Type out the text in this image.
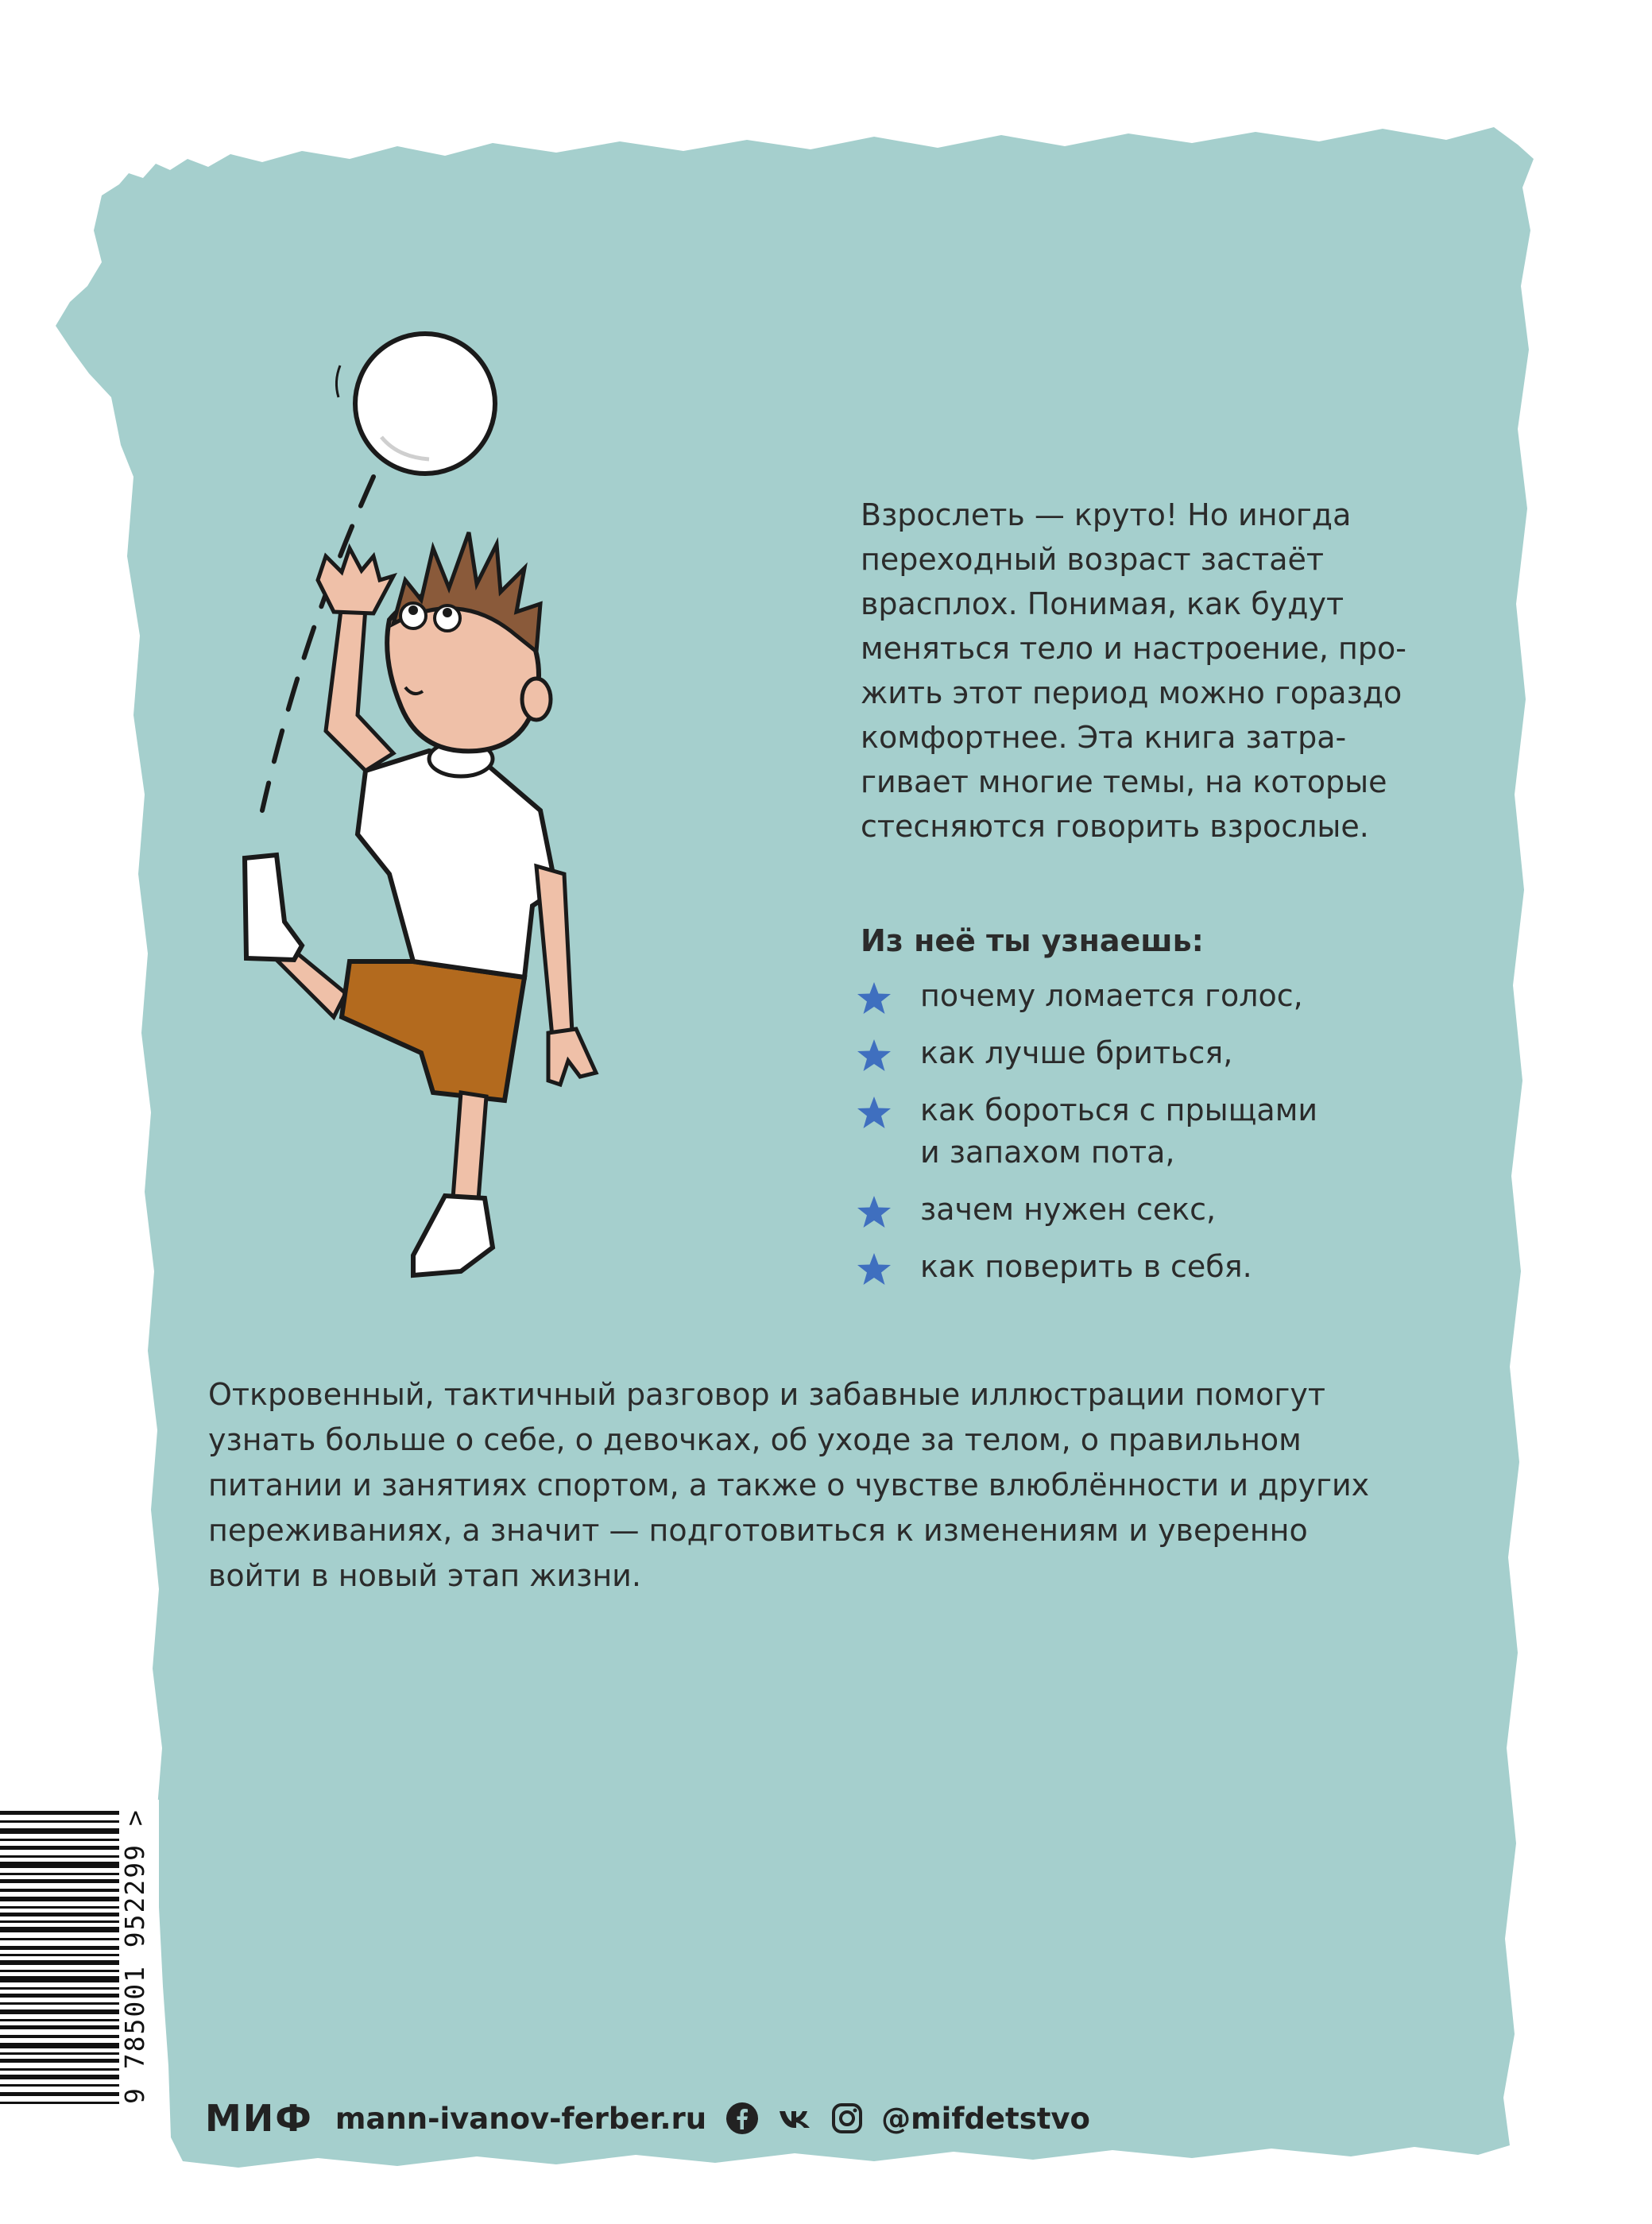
Взрослеть — круто! Но иногда
переходный возраст застаёт
врасплох. Понимая, как будут
меняться тело и настроение, про-
жить этот период можно гораздо
комфортнее. Эта книга затра-
гивает многие темы, на которые
стесняются говорить взрослые.

Из неё ты узнаешь:
почему ломается голос,
как лучше бриться,
как бороться с прыщами
и запахом пота,
зачем нужен секс,
как поверить в себя.

Откровенный, тактичный разговор и забавные иллюстрации помогут
узнать больше о себе, о девочках, об уходе за телом, о правильном
питании и занятиях спортом, а также о чувстве влюблённости и других
переживаниях, а значит — подготовиться к изменениям и уверенно
войти в новый этап жизни.

9 785001 952299 >
МИФ mann-ivanov-ferber.ru	@mifdetstvo
